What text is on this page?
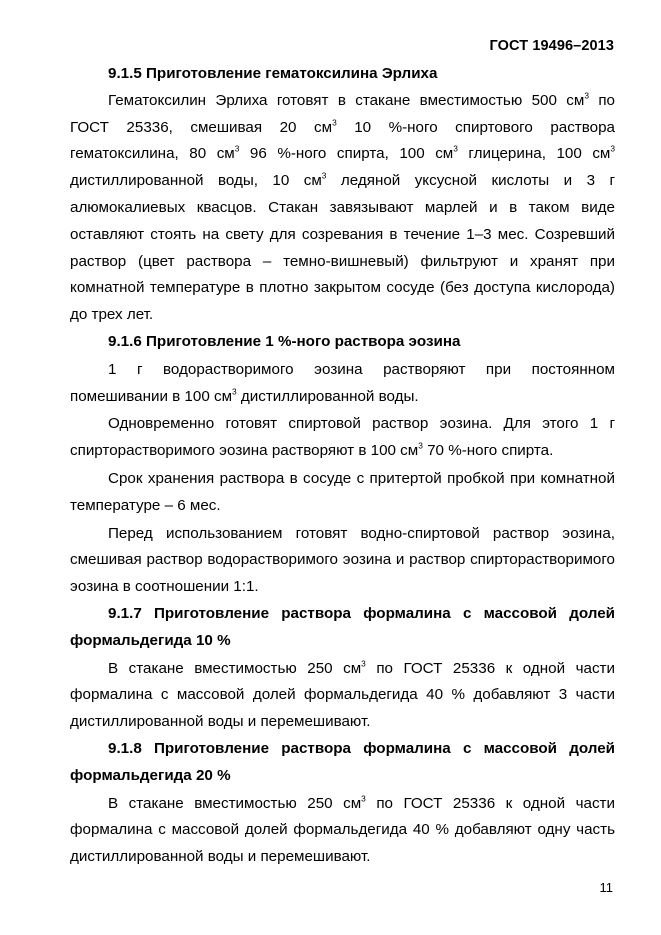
ГОСТ 19496–2013

9.1.5 Приготовление гематоксилина Эрлиха

Гематоксилин Эрлиха готовят в стакане вместимостью 500 $см^3$ по ГОСТ 25336, смешивая 20 $см^3$ 10 %-ного спиртового раствора гематоксилина, 80 $см^3$ 96 %-ного спирта, 100 $см^3$ глицерина, 100 $см^3$ дистиллированной воды, 10 $см^3$ ледяной уксусной кислоты и 3 г алюмокалиевых квасцов. Стакан завязывают марлей и в таком виде оставляют стоять на свету для созревания в течение 1–3 мес. Созревший раствор (цвет раствора – темно-вишневый) фильтруют и хранят при комнатной температуре в плотно закрытом сосуде (без доступа кислорода) до трех лет.

9.1.6 Приготовление 1 %-ного раствора эозина

1 г водорастворимого эозина растворяют при постоянном помешивании в 100 $см^3$ дистиллированной воды.

Одновременно готовят спиртовой раствор эозина. Для этого 1 г спирторастворимого эозина растворяют в 100 $см^3$ 70 %-ного спирта.

Срок хранения раствора в сосуде с притертой пробкой при комнатной температуре – 6 мес.

Перед использованием готовят водно-спиртовой раствор эозина, смешивая раствор водорастворимого эозина и раствор спирторастворимого эозина в соотношении 1:1.

9.1.7 Приготовление раствора формалина с массовой долей формальдегида 10 %

В стакане вместимостью 250 $см^3$ по ГОСТ 25336 к одной части формалина с массовой долей формальдегида 40 % добавляют 3 части дистиллированной воды и перемешивают.

9.1.8 Приготовление раствора формалина с массовой долей формальдегида 20 %

В стакане вместимостью 250 $см^3$ по ГОСТ 25336 к одной части формалина с массовой долей формальдегида 40 % добавляют одну часть дистиллированной воды и перемешивают.

11
